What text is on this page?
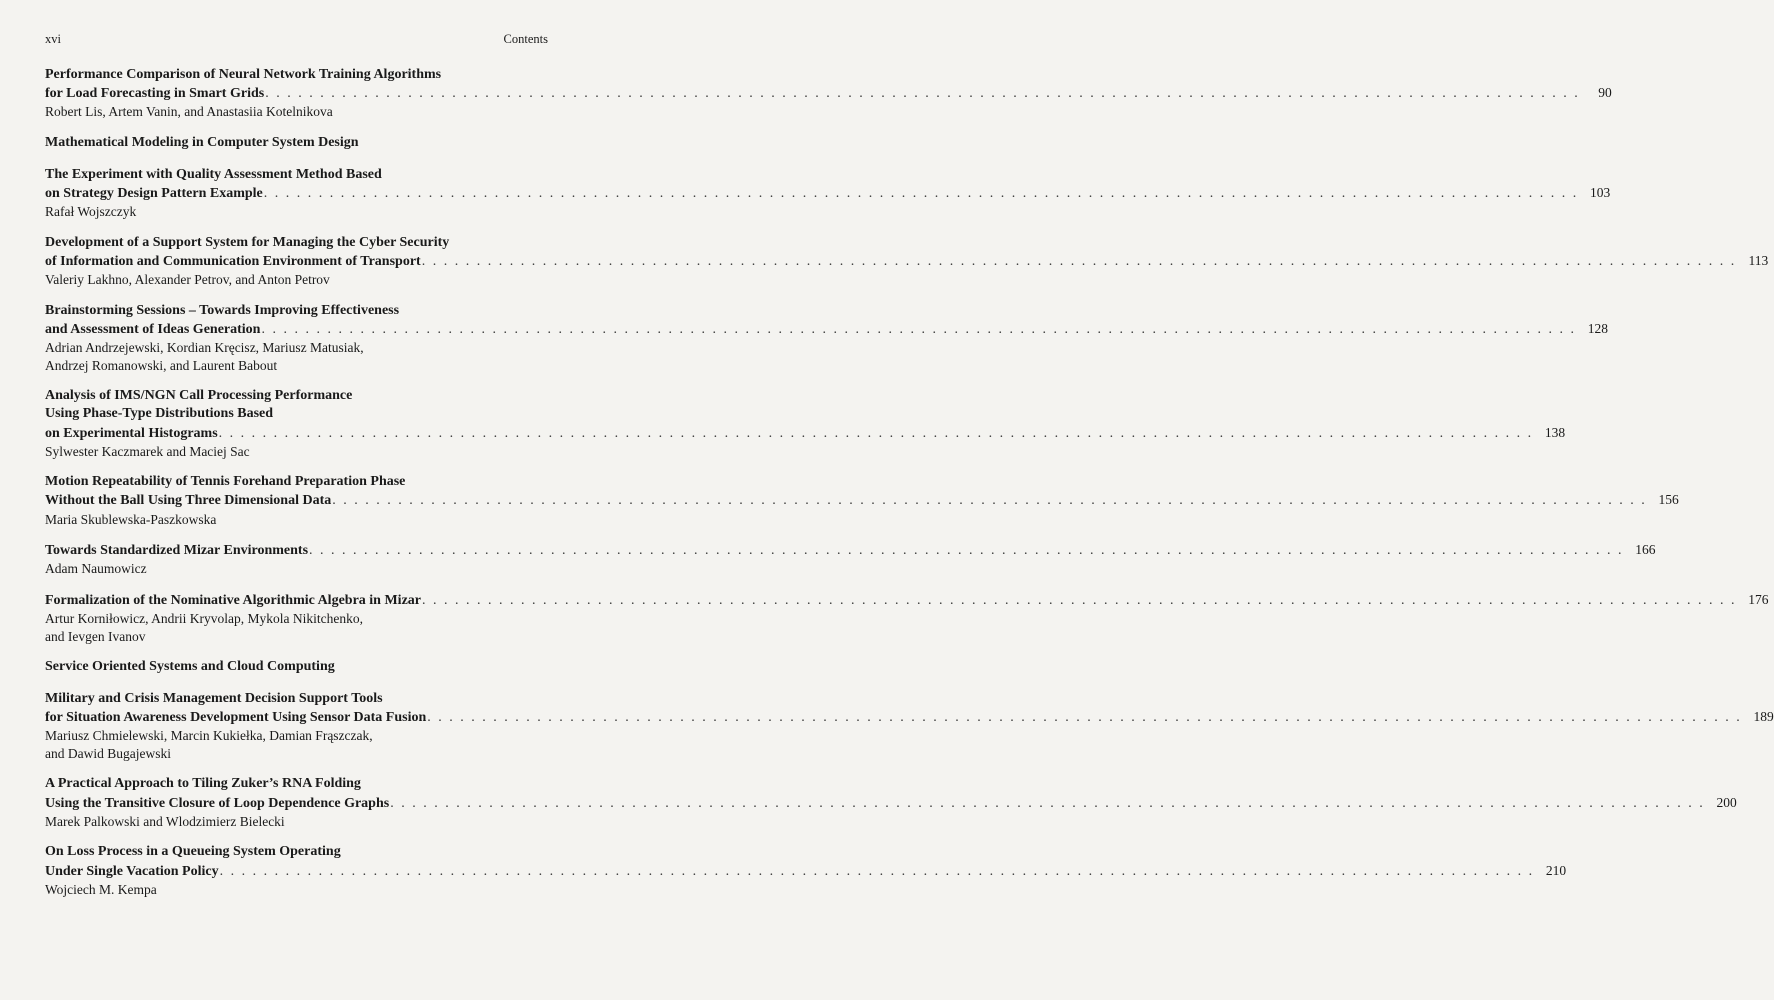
xvi	Contents
Performance Comparison of Neural Network Training Algorithms
for Load Forecasting in Smart Grids . . . . . . . . . . . . . . . . . . . . . . . . . . . . . . . . . . . . . . . . . . . . . . . . . . . . . . . . . . . . . . . . . . . . . . . . . . . . . . . . . . . . . . . . . . . . . . . . . . . . . . . . . . . . . . . . . . . . . . . .	90
Robert Lis, Artem Vanin, and Anastasiia Kotelnikova
Mathematical Modeling in Computer System Design
The Experiment with Quality Assessment Method Based
on Strategy Design Pattern Example . . . . . . . . . . . . . . . . . . . . . . . . . . . . . . . . . . . . . . . . . . . . . . . . . . . . . . . . . . . . . . . . . . . . . . . . . . . . . . . . . . . . . . . . . . . . . . . . . . . . . . . . . . . . . . . . . . . . . . . . 103
Rafał Wojszczyk
Development of a Support System for Managing the Cyber Security
of Information and Communication Environment of Transport . . . . . . . . . . . . . . . . . . . . . . . . . . . . . . . . . . . . . . . . . . . . . . . . . . . . . . . . . . . . . . . . . . . . . . . . . . . . . . . . . . . . . . . . . . . . . . . . . . . . . . . . . . . . . . . . . . . . . . . . 113
Valeriy Lakhno, Alexander Petrov, and Anton Petrov
Brainstorming Sessions – Towards Improving Effectiveness
and Assessment of Ideas Generation . . . . . . . . . . . . . . . . . . . . . . . . . . . . . . . . . . . . . . . . . . . . . . . . . . . . . . . . . . . . . . . . . . . . . . . . . . . . . . . . . . . . . . . . . . . . . . . . . . . . . . . . . . . . . . . . . . . . . . . . 128
Adrian Andrzejewski, Kordian Kręcisz, Mariusz Matusiak,
Andrzej Romanowski, and Laurent Babout
Analysis of IMS/NGN Call Processing Performance
Using Phase-Type Distributions Based
on Experimental Histograms . . . . . . . . . . . . . . . . . . . . . . . . . . . . . . . . . . . . . . . . . . . . . . . . . . . . . . . . . . . . . . . . . . . . . . . . . . . . . . . . . . . . . . . . . . . . . . . . . . . . . . . . . . . . . . . . . . . . . . . . 138
Sylwester Kaczmarek and Maciej Sac
Motion Repeatability of Tennis Forehand Preparation Phase
Without the Ball Using Three Dimensional Data . . . . . . . . . . . . . . . . . . . . . . . . . . . . . . . . . . . . . . . . . . . . . . . . . . . . . . . . . . . . . . . . . . . . . . . . . . . . . . . . . . . . . . . . . . . . . . . . . . . . . . . . . . . . . . . . . . . . . . . . 156
Maria Skublewska-Paszkowska
Towards Standardized Mizar Environments . . . . . . . . . . . . . . . . . . . . . . . . . . . . . . . . . . . . . . . . . . . . . . . . . . . . . . . . . . . . . . . . . . . . . . . . . . . . . . . . . . . . . . . . . . . . . . . . . . . . . . . . . . . . . . . . . . . . . . . . 166
Adam Naumowicz
Formalization of the Nominative Algorithmic Algebra in Mizar . . . . . . . . . . . . . . . . . . . . . . . . . . . . . . . . . . . . . . . . . . . . . . . . . . . . . . . . . . . . . . . . . . . . . . . . . . . . . . . . . . . . . . . . . . . . . . . . . . . . . . . . . . . . . . . . . . . . . . . . 176
Artur Korniłowicz, Andrii Kryvolap, Mykola Nikitchenko,
and Ievgen Ivanov
Service Oriented Systems and Cloud Computing
Military and Crisis Management Decision Support Tools
for Situation Awareness Development Using Sensor Data Fusion . . . . . . . . . . . . . . . . . . . . . . . . . . . . . . . . . . . . . . . . . . . . . . . . . . . . . . . . . . . . . . . . . . . . . . . . . . . . . . . . . . . . . . . . . . . . . . . . . . . . . . . . . . . . . . . . . . . . . . . . 189
Mariusz Chmielewski, Marcin Kukiełka, Damian Frąszczak,
and Dawid Bugajewski
A Practical Approach to Tiling Zuker’s RNA Folding
Using the Transitive Closure of Loop Dependence Graphs . . . . . . . . . . . . . . . . . . . . . . . . . . . . . . . . . . . . . . . . . . . . . . . . . . . . . . . . . . . . . . . . . . . . . . . . . . . . . . . . . . . . . . . . . . . . . . . . . . . . . . . . . . . . . . . . . . . . . . . . 200
Marek Palkowski and Wlodzimierz Bielecki
On Loss Process in a Queueing System Operating
Under Single Vacation Policy . . . . . . . . . . . . . . . . . . . . . . . . . . . . . . . . . . . . . . . . . . . . . . . . . . . . . . . . . . . . . . . . . . . . . . . . . . . . . . . . . . . . . . . . . . . . . . . . . . . . . . . . . . . . . . . . . . . . . . . . 210
Wojciech M. Kempa
